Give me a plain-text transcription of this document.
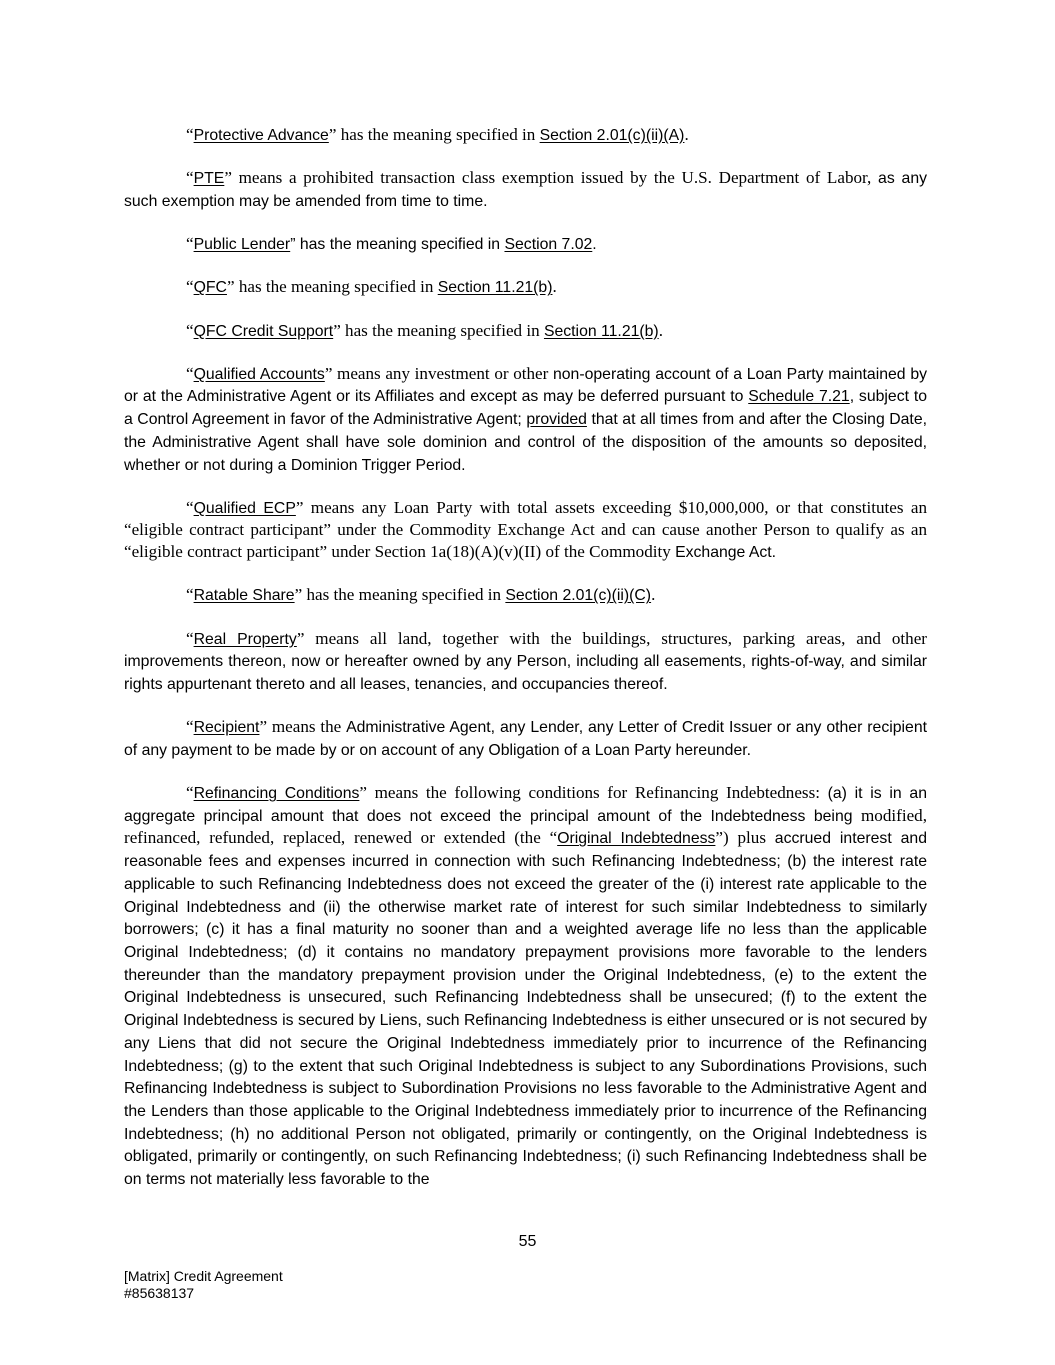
“Protective Advance” has the meaning specified in Section 2.01(c)(ii)(A).

“PTE” means a prohibited transaction class exemption issued by the U.S. Department of Labor, as any such exemption may be amended from time to time.

“Public Lender” has the meaning specified in Section 7.02.

“QFC” has the meaning specified in Section 11.21(b).

“QFC Credit Support” has the meaning specified in Section 11.21(b).

“Qualified Accounts” means any investment or other non-operating account of a Loan Party maintained by or at the Administrative Agent or its Affiliates and except as may be deferred pursuant to Schedule 7.21, subject to a Control Agreement in favor of the Administrative Agent; provided that at all times from and after the Closing Date, the Administrative Agent shall have sole dominion and control of the disposition of the amounts so deposited, whether or not during a Dominion Trigger Period.

“Qualified ECP” means any Loan Party with total assets exceeding $10,000,000, or that constitutes an “eligible contract participant” under the Commodity Exchange Act and can cause another Person to qualify as an “eligible contract participant” under Section 1a(18)(A)(v)(II) of the Commodity Exchange Act.

“Ratable Share” has the meaning specified in Section 2.01(c)(ii)(C).

“Real Property” means all land, together with the buildings, structures, parking areas, and other improvements thereon, now or hereafter owned by any Person, including all easements, rights-of-way, and similar rights appurtenant thereto and all leases, tenancies, and occupancies thereof.

“Recipient” means the Administrative Agent, any Lender, any Letter of Credit Issuer or any other recipient of any payment to be made by or on account of any Obligation of a Loan Party hereunder.

“Refinancing Conditions” means the following conditions for Refinancing Indebtedness: (a) it is in an aggregate principal amount that does not exceed the principal amount of the Indebtedness being modified, refinanced, refunded, replaced, renewed or extended (the “Original Indebtedness”) plus accrued interest and reasonable fees and expenses incurred in connection with such Refinancing Indebtedness; (b) the interest rate applicable to such Refinancing Indebtedness does not exceed the greater of the (i) interest rate applicable to the Original Indebtedness and (ii) the otherwise market rate of interest for such similar Indebtedness to similarly borrowers; (c) it has a final maturity no sooner than and a weighted average life no less than the applicable Original Indebtedness; (d) it contains no mandatory prepayment provisions more favorable to the lenders thereunder than the mandatory prepayment provision under the Original Indebtedness, (e) to the extent the Original Indebtedness is unsecured, such Refinancing Indebtedness shall be unsecured; (f) to the extent the Original Indebtedness is secured by Liens, such Refinancing Indebtedness is either unsecured or is not secured by any Liens that did not secure the Original Indebtedness immediately prior to incurrence of the Refinancing Indebtedness; (g) to the extent that such Original Indebtedness is subject to any Subordinations Provisions, such Refinancing Indebtedness is subject to Subordination Provisions no less favorable to the Administrative Agent and the Lenders than those applicable to the Original Indebtedness immediately prior to incurrence of the Refinancing Indebtedness; (h) no additional Person not obligated, primarily or contingently, on the Original Indebtedness is obligated, primarily or contingently, on such Refinancing Indebtedness; (i) such Refinancing Indebtedness shall be on terms not materially less favorable to the

55
[Matrix] Credit Agreement
#85638137
